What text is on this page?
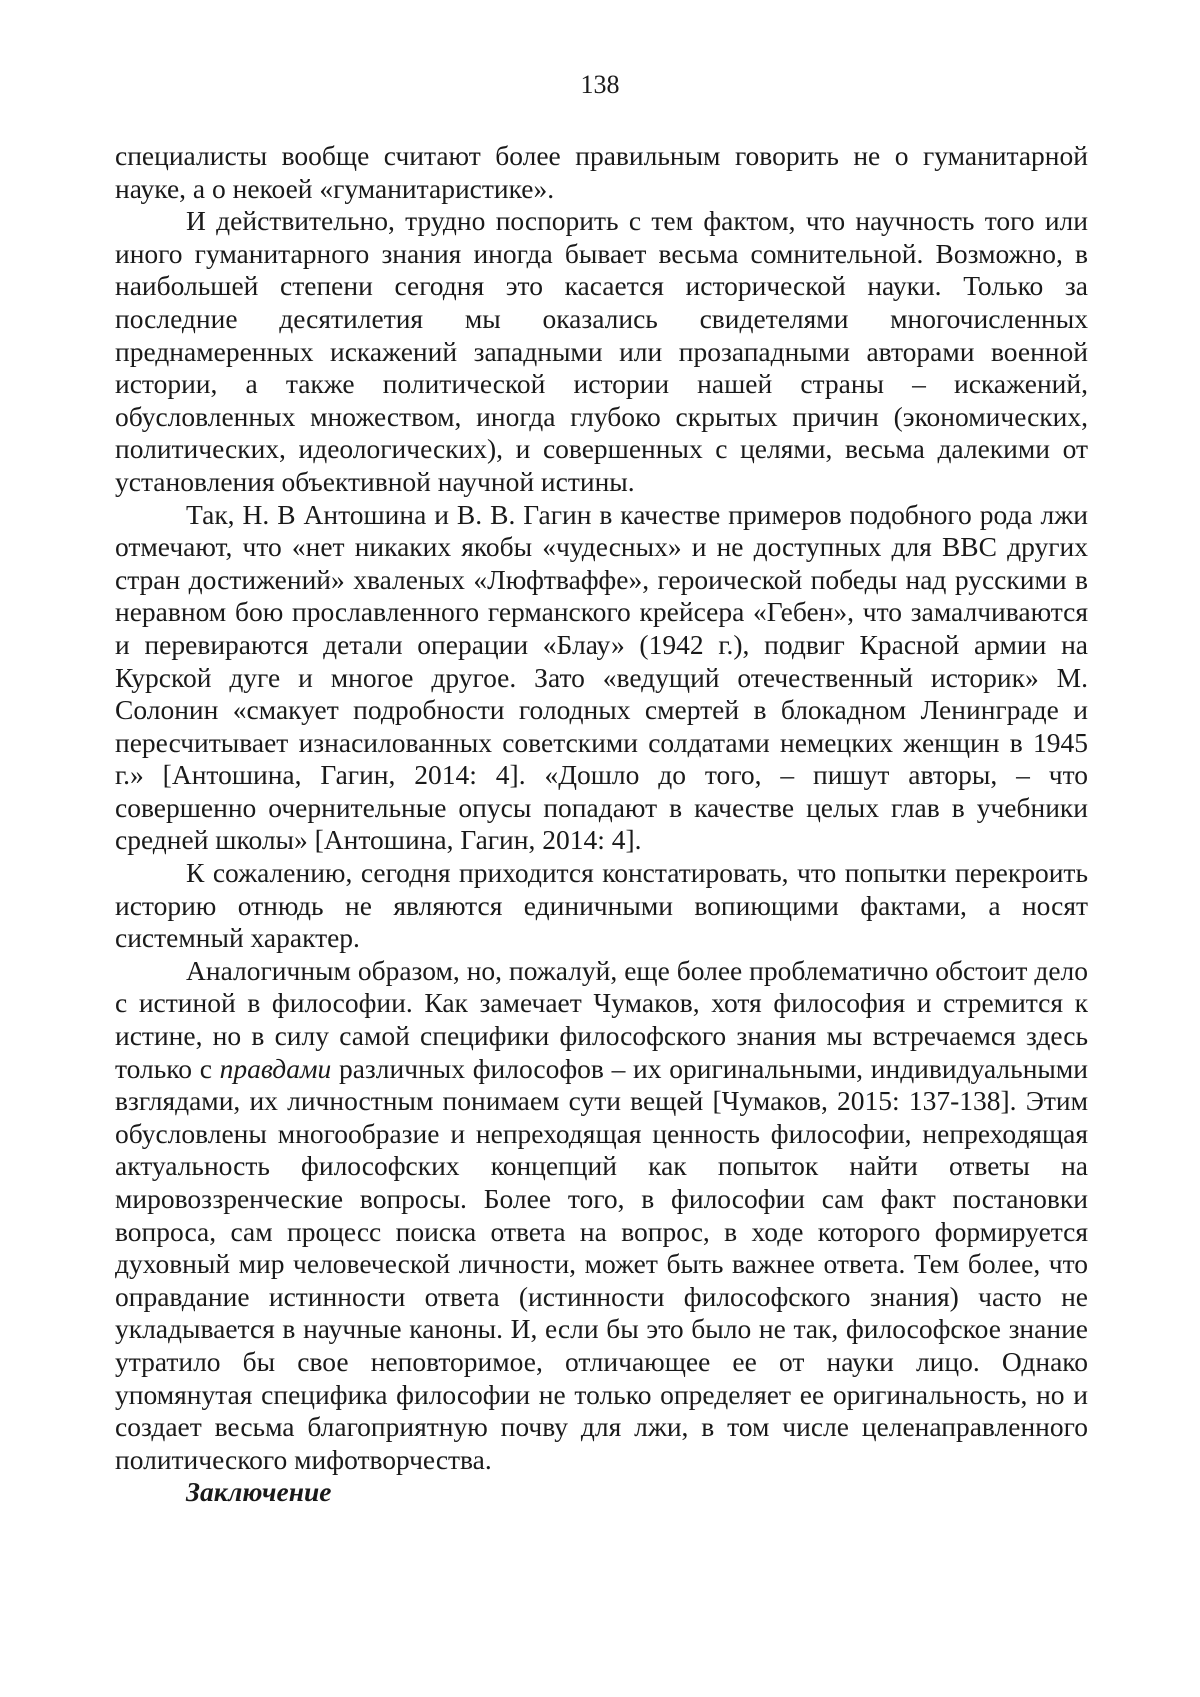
138

специалисты вообще считают более правильным говорить не о гуманитарной науке, а о некоей «гуманитаристике».

И действительно, трудно поспорить с тем фактом, что научность того или иного гуманитарного знания иногда бывает весьма сомнительной. Возможно, в наибольшей степени сегодня это касается исторической науки. Только за последние десятилетия мы оказались свидетелями многочисленных преднамеренных искажений западными или прозападными авторами военной истории, а также политической истории нашей страны – искажений, обусловленных множеством, иногда глубоко скрытых причин (экономических, политических, идеологических), и совершенных с целями, весьма далекими от установления объективной научной истины.

Так, Н. В Антошина и В. В. Гагин в качестве примеров подобного рода лжи отмечают, что «нет никаких якобы «чудесных» и не доступных для ВВС других стран достижений» хваленых «Люфтваффе», героической победы над русскими в неравном бою прославленного германского крейсера «Гебен», что замалчиваются и перевираются детали операции «Блау» (1942 г.), подвиг Красной армии на Курской дуге и многое другое. Зато «ведущий отечественный историк» М. Солонин «смакует подробности голодных смертей в блокадном Ленинграде и пересчитывает изнасилованных советскими солдатами немецких женщин в 1945 г.» [Антошина, Гагин, 2014: 4]. «Дошло до того, – пишут авторы, – что совершенно очернительные опусы попадают в качестве целых глав в учебники средней школы» [Антошина, Гагин, 2014: 4].

К сожалению, сегодня приходится констатировать, что попытки перекроить историю отнюдь не являются единичными вопиющими фактами, а носят системный характер.

Аналогичным образом, но, пожалуй, еще более проблематично обстоит дело с истиной в философии. Как замечает Чумаков, хотя философия и стремится к истине, но в силу самой специфики философского знания мы встречаемся здесь только с правдами различных философов – их оригинальными, индивидуальными взглядами, их личностным понимаем сути вещей [Чумаков, 2015: 137-138]. Этим обусловлены многообразие и непреходящая ценность философии, непреходящая актуальность философских концепций как попыток найти ответы на мировоззренческие вопросы. Более того, в философии сам факт постановки вопроса, сам процесс поиска ответа на вопрос, в ходе которого формируется духовный мир человеческой личности, может быть важнее ответа. Тем более, что оправдание истинности ответа (истинности философского знания) часто не укладывается в научные каноны. И, если бы это было не так, философское знание утратило бы свое неповторимое, отличающее ее от науки лицо. Однако упомянутая специфика философии не только определяет ее оригинальность, но и создает весьма благоприятную почву для лжи, в том числе целенаправленного политического мифотворчества.

Заключение
